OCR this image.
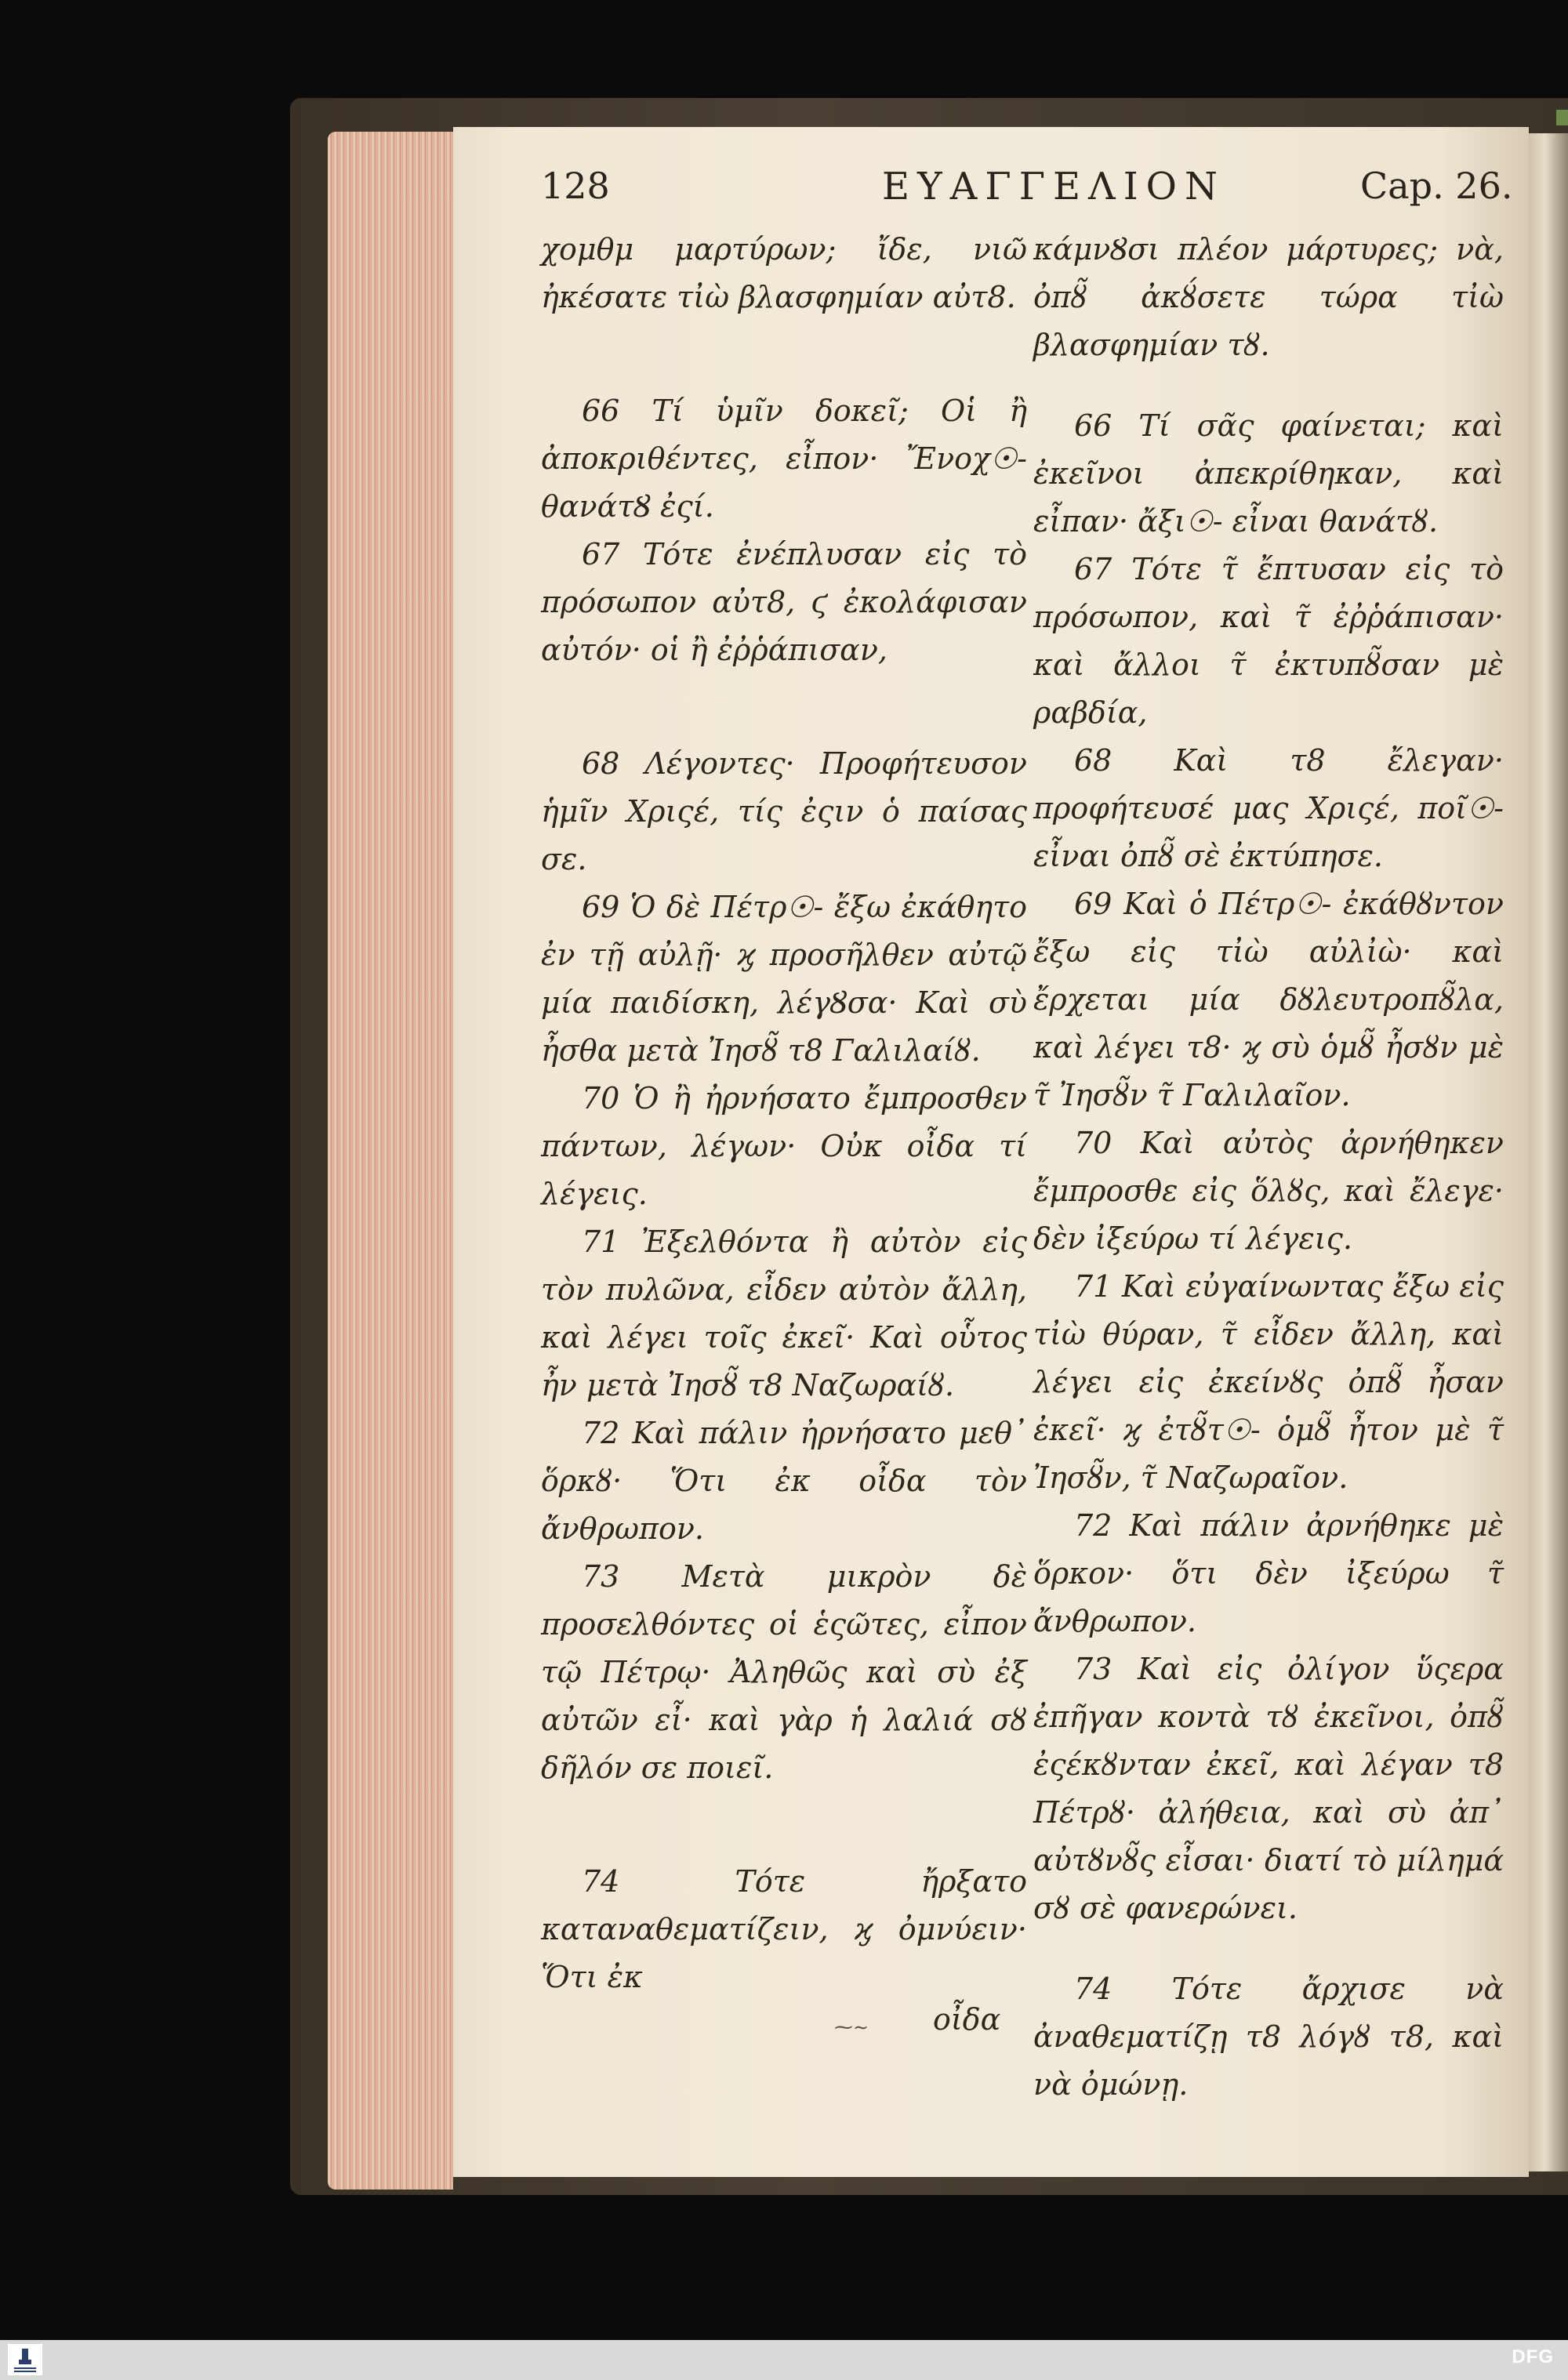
128	ΕΥΑΓΓΕΛΙΟΝ	Cap. 26.

χομθμ μαρτύρων; ἴδε, νιῶ ἠκέσατε τἰὼ βλασφημίαν αὐτ8.

66 Τί ὑμῖν δοκεῖ; Οἱ ἢ ἀποκριθέντες, εἶπον· Ἔνοχ☉- θανάτȢ ἐςί.

67 Τότε ἐνέπλυσαν εἰς τὸ πρόσωπον αὐτ8, ϛ ἐκολάφισαν αὐτόν· οἱ ἢ ἐῤῥάπισαν,

68 Λέγοντες· Προφήτευσον ἡμῖν Χριςέ, τίς ἐςιν ὁ παίσας σε.

69 Ὁ δὲ Πέτρ☉- ἔξω ἐκάθητο ἐν τῇ αὐλῇ· ϗ προσῆλθεν αὐτῷ μία παιδίσκη, λέγȢσα· Καὶ σὺ ἦσθα μετὰ Ἰησȣ̃ τ8 Γαλιλαίȣ.

70 Ὁ ἢ ἠρνήσατο ἔμπροσθεν πάντων, λέγων· Οὐκ οἶδα τί λέγεις.

71 Ἐξελθόντα ἢ αὐτὸν εἰς τὸν πυλῶνα, εἶδεν αὐτὸν ἄλλη, καὶ λέγει τοῖς ἐκεῖ· Καὶ οὗτος ἦν μετὰ Ἰησȣ̃ τ8 Ναζωραίȣ.

72 Καὶ πάλιν ἠρνήσατο μεθ᾽ ὅρκȣ· Ὅτι ἐκ οἶδα τὸν ἄνθρωπον.

73 Μετὰ μικρὸν δὲ προσελθόντες οἱ ἑςῶτες, εἶπον τῷ Πέτρῳ· Ἀληθῶς καὶ σὺ ἐξ αὐτῶν εἶ· καὶ γὰρ ἡ λαλιά σȣ δῆλόν σε ποιεῖ.

74 Τότε ἤρξατο καταναθεματίζειν, ϗ ὀμνύειν· Ὅτι ἐκ

κάμνȢσι πλέον μάρτυρες; νὰ, ὀπȣ̃ ἀκȣ́σετε τώρα τἰὼ βλασφημίαν τȣ.

66 Τί σᾶς φαίνεται; καὶ ἐκεῖνοι ἀπεκρίθηκαν, καὶ εἶπαν· ἄξι☉- εἶναι θανάτȣ.

67 Τότε τ̃ ἔπτυσαν εἰς τὸ πρόσωπον, καὶ τ̃ ἐῤῥάπισαν· καὶ ἄλλοι τ̃ ἐκτυπȣ̃σαν μὲ ραβδία,

68 Καὶ τ8 ἔλεγαν· προφήτευσέ μας Χριςέ, ποῖ☉- εἶναι ὀπȣ̃ σὲ ἐκτύπησε.

69 Καὶ ὁ Πέτρ☉- ἐκάθȣντον ἔξω εἰς τἰὼ αὐλἰὼ· καὶ ἔρχεται μία δȣλευτροπȣ̃λα, καὶ λέγει τ8· ϗ σὺ ὁμȣ̃ ἦσȣν μὲ τ̃ Ἰησȣ̃ν τ̃ Γαλιλαῖον.

70 Καὶ αὐτὸς ἀρνήθηκεν ἔμπροσθε εἰς ὅλȣς, καὶ ἔλεγε· δὲν ἰξεύρω τί λέγεις.

71 Καὶ εὐγαίνωντας ἔξω εἰς τἰὼ θύραν, τ̃ εἶδεν ἄλλη, καὶ λέγει εἰς ἐκείνȣς ὀπȣ̃ ἦσαν ἐκεῖ· ϗ ἐτȣ̃τ☉- ὁμȣ̃ ἦτον μὲ τ̃ Ἰησȣ̃ν, τ̃ Ναζωραῖον.

72 Καὶ πάλιν ἀρνήθηκε μὲ ὅρκον· ὅτι δὲν ἰξεύρω τ̃ ἄνθρωπον.

73 Καὶ εἰς ὀλίγον ὕςερα ἐπῆγαν κοντὰ τȣ ἐκεῖνοι, ὀπȣ̃ ἐςέκȣνταν ἐκεῖ, καὶ λέγαν τ8 Πέτρȣ· ἀλήθεια, καὶ σὺ ἀπ᾽ αὐτȣνȣ̃ς εἶσαι· διατί τὸ μίλημά σȣ σὲ φανερώνει.

74 Τότε ἄρχισε νὰ ἀναθεματίζῃ τ8 λόγȣ τ8, καὶ νὰ ὀμώνῃ.

⁓∼ οἶδα
DFG
